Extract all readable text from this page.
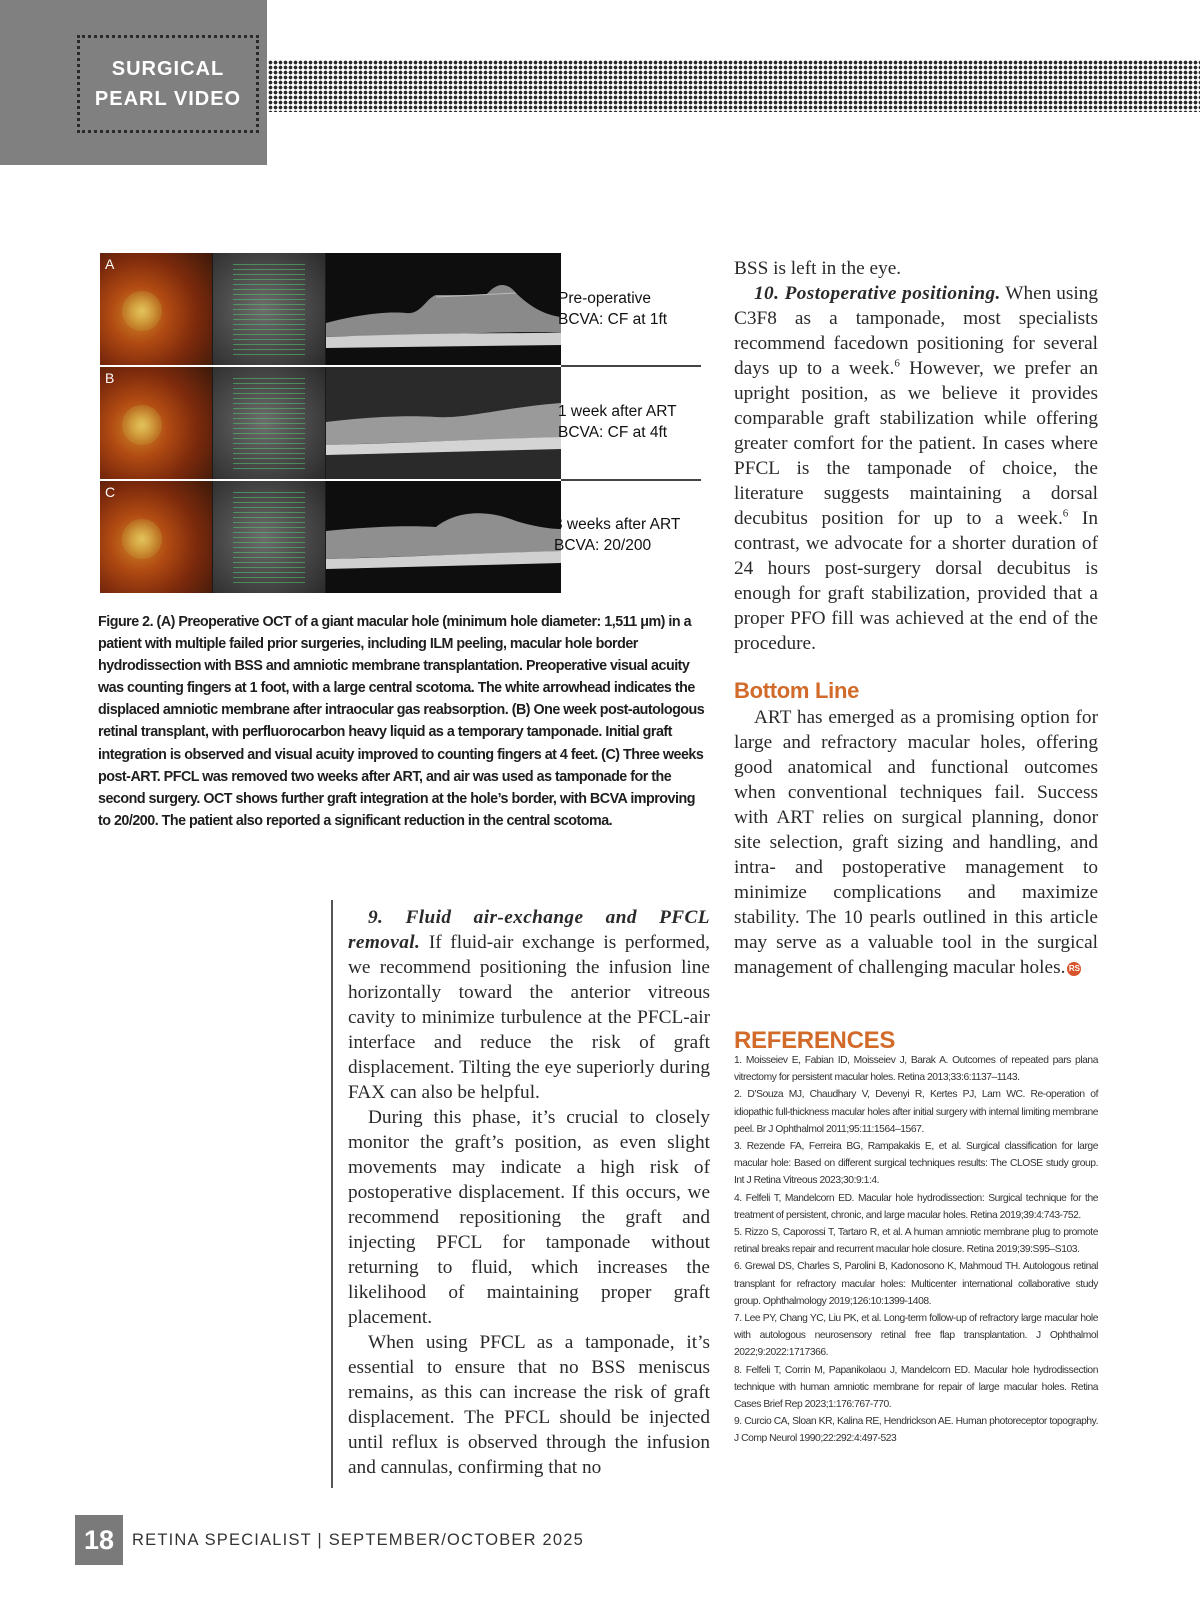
SURGICAL
PEARL VIDEO
A
B
C
Pre-operative
BCVA: CF at 1ft
1 week after ART
BCVA: CF at 4ft
3 weeks after ART
BCVA: 20/200
Figure 2. (A) Preoperative OCT of a giant macular hole (minimum hole diameter: 1,511 μm) in a patient with multiple failed prior surgeries, including ILM peeling, macular hole border hydrodissection with BSS and amniotic membrane transplantation. Preoperative visual acuity was counting fingers at 1 foot, with a large central scotoma. The white arrowhead indicates the displaced amniotic membrane after intraocular gas reabsorption. (B) One week post-autologous retinal transplant, with perfluorocarbon heavy liquid as a temporary tamponade. Initial graft integration is observed and visual acuity improved to counting fingers at 4 feet. (C) Three weeks post-ART. PFCL was removed two weeks after ART, and air was used as tamponade for the second surgery. OCT shows further graft integration at the hole’s border, with BCVA improving to 20/200. The patient also reported a significant reduction in the central scotoma.

9. Fluid air-exchange and PFCL removal. If fluid-air exchange is performed, we recommend positioning the infusion line horizontally toward the anterior vitreous cavity to minimize turbulence at the PFCL-air interface and reduce the risk of graft displacement. Tilting the eye superiorly during FAX can also be helpful.

During this phase, it’s crucial to closely monitor the graft’s position, as even slight movements may indicate a high risk of postoperative displacement. If this occurs, we recommend repositioning the graft and injecting PFCL for tamponade without returning to fluid, which increases the likelihood of maintaining proper graft placement.

When using PFCL as a tamponade, it’s essential to ensure that no BSS meniscus remains, as this can increase the risk of graft displacement. The PFCL should be injected until reflux is observed through the infusion and cannulas, confirming that no

BSS is left in the eye.

10. Postoperative positioning. When using C3F8 as a tamponade, most specialists recommend facedown positioning for several days up to a week.$^6$ However, we prefer an upright position, as we believe it provides comparable graft stabilization while offering greater comfort for the patient. In cases where PFCL is the tamponade of choice, the literature suggests maintaining a dorsal decubitus position for up to a week.$^6$ In contrast, we advocate for a shorter duration of 24 hours post-surgery dorsal decubitus is enough for graft stabilization, provided that a proper PFO fill was achieved at the end of the procedure.

Bottom Line

ART has emerged as a promising option for large and refractory macular holes, offering good anatomical and functional outcomes when conventional techniques fail. Success with ART relies on surgical planning, donor site selection, graft sizing and handling, and intra- and postoperative management to minimize complications and maximize stability. The 10 pearls outlined in this article may serve as a valuable tool in the surgical management of challenging macular holes. RS

REFERENCES
1. Moisseiev E, Fabian ID, Moisseiev J, Barak A. Outcomes of repeated pars plana vitrectomy for persistent macular holes. Retina 2013;33:6:1137–1143.
2. D’Souza MJ, Chaudhary V, Devenyi R, Kertes PJ, Lam WC. Re-operation of idiopathic full-thickness macular holes after initial surgery with internal limiting membrane peel. Br J Ophthalmol 2011;95:11:1564–1567.
3. Rezende FA, Ferreira BG, Rampakakis E, et al. Surgical classification for large macular hole: Based on different surgical techniques results: The CLOSE study group. Int J Retina Vitreous 2023;30:9:1:4.
4. Felfeli T, Mandelcorn ED. Macular hole hydrodissection: Surgical technique for the treatment of persistent, chronic, and large macular holes. Retina 2019;39:4:743-752.
5. Rizzo S, Caporossi T, Tartaro R, et al. A human amniotic membrane plug to promote retinal breaks repair and recurrent macular hole closure. Retina 2019;39:S95–S103.
6. Grewal DS, Charles S, Parolini B, Kadonosono K, Mahmoud TH. Autologous retinal transplant for refractory macular holes: Multicenter international collaborative study group. Ophthalmology 2019;126:10:1399-1408.
7. Lee PY, Chang YC, Liu PK, et al. Long-term follow-up of refractory large macular hole with autologous neurosensory retinal free flap transplantation. J Ophthalmol 2022;9:2022:1717366.
8. Felfeli T, Corrin M, Papanikolaou J, Mandelcorn ED. Macular hole hydrodissection technique with human amniotic membrane for repair of large macular holes. Retina Cases Brief Rep 2023;1:176:767-770.
9. Curcio CA, Sloan KR, Kalina RE, Hendrickson AE. Human photoreceptor topography. J Comp Neurol 1990;22:292:4:497-523
18	RETINA SPECIALIST | SEPTEMBER/OCTOBER 2025
